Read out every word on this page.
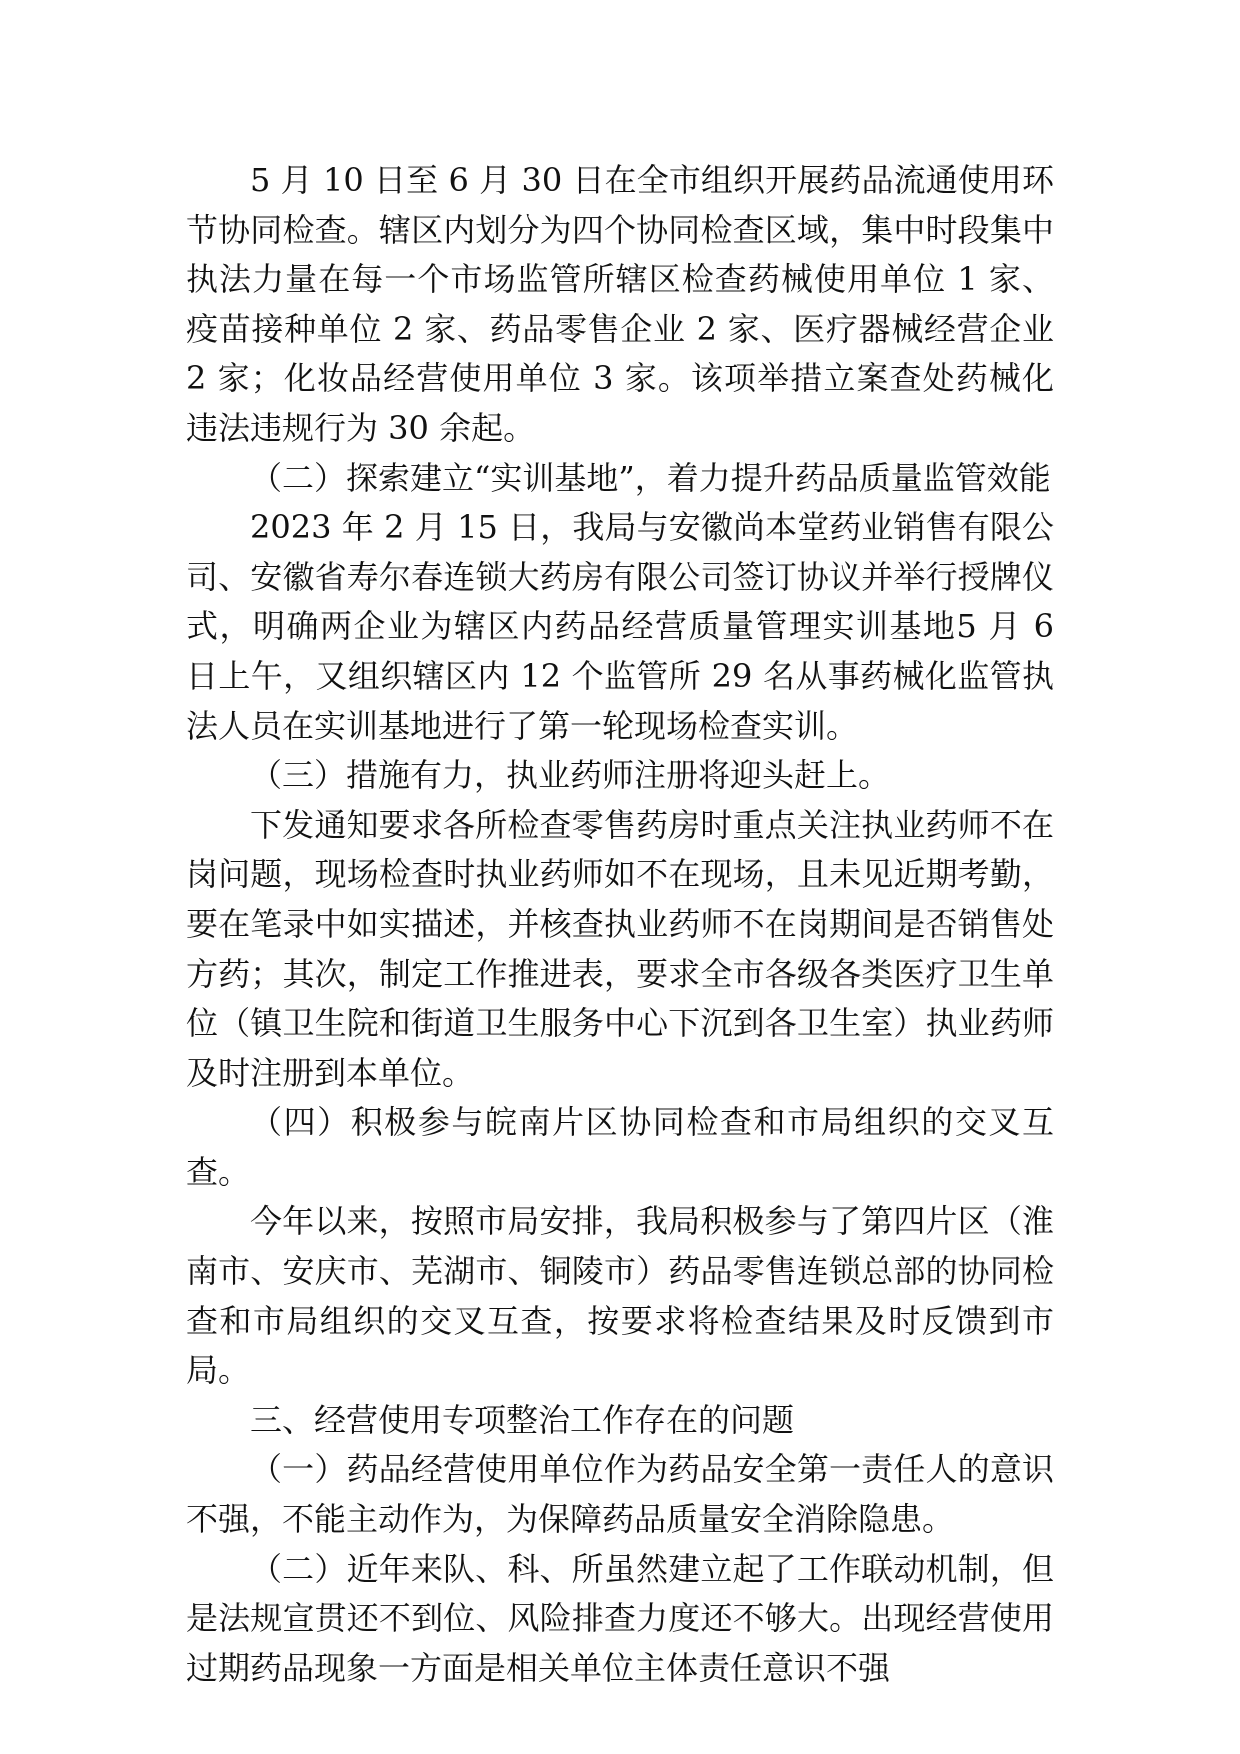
5 月 10 日至 6 月 30 日在全市组织开展药品流通使用环节协同检查。辖区内划分为四个协同检查区域，集中时段集中执法力量在每一个市场监管所辖区检查药械使用单位 1 家、疫苗接种单位 2 家、药品零售企业 2 家、医疗器械经营企业 2 家；化妆品经营使用单位 3 家。该项举措立案查处药械化违法违规行为 30 余起。

（二）探索建立“实训基地”，着力提升药品质量监管效能

2023 年 2 月 15 日，我局与安徽尚本堂药业销售有限公司、安徽省寿尔春连锁大药房有限公司签订协议并举行授牌仪式，明确两企业为辖区内药品经营质量管理实训基地5 月 6 日上午，又组织辖区内 12 个监管所 29 名从事药械化监管执法人员在实训基地进行了第一轮现场检查实训。

（三）措施有力，执业药师注册将迎头赶上。

下发通知要求各所检查零售药房时重点关注执业药师不在岗问题，现场检查时执业药师如不在现场，且未见近期考勤，要在笔录中如实描述，并核查执业药师不在岗期间是否销售处方药；其次，制定工作推进表，要求全市各级各类医疗卫生单位（镇卫生院和街道卫生服务中心下沉到各卫生室）执业药师及时注册到本单位。

（四）积极参与皖南片区协同检查和市局组织的交叉互查。

今年以来，按照市局安排，我局积极参与了第四片区（淮南市、安庆市、芜湖市、铜陵市）药品零售连锁总部的协同检查和市局组织的交叉互查，按要求将检查结果及时反馈到市局。

三、经营使用专项整治工作存在的问题

（一）药品经营使用单位作为药品安全第一责任人的意识不强，不能主动作为，为保障药品质量安全消除隐患。

（二）近年来队、科、所虽然建立起了工作联动机制，但是法规宣贯还不到位、风险排查力度还不够大。出现经营使用过期药品现象一方面是相关单位主体责任意识不强
